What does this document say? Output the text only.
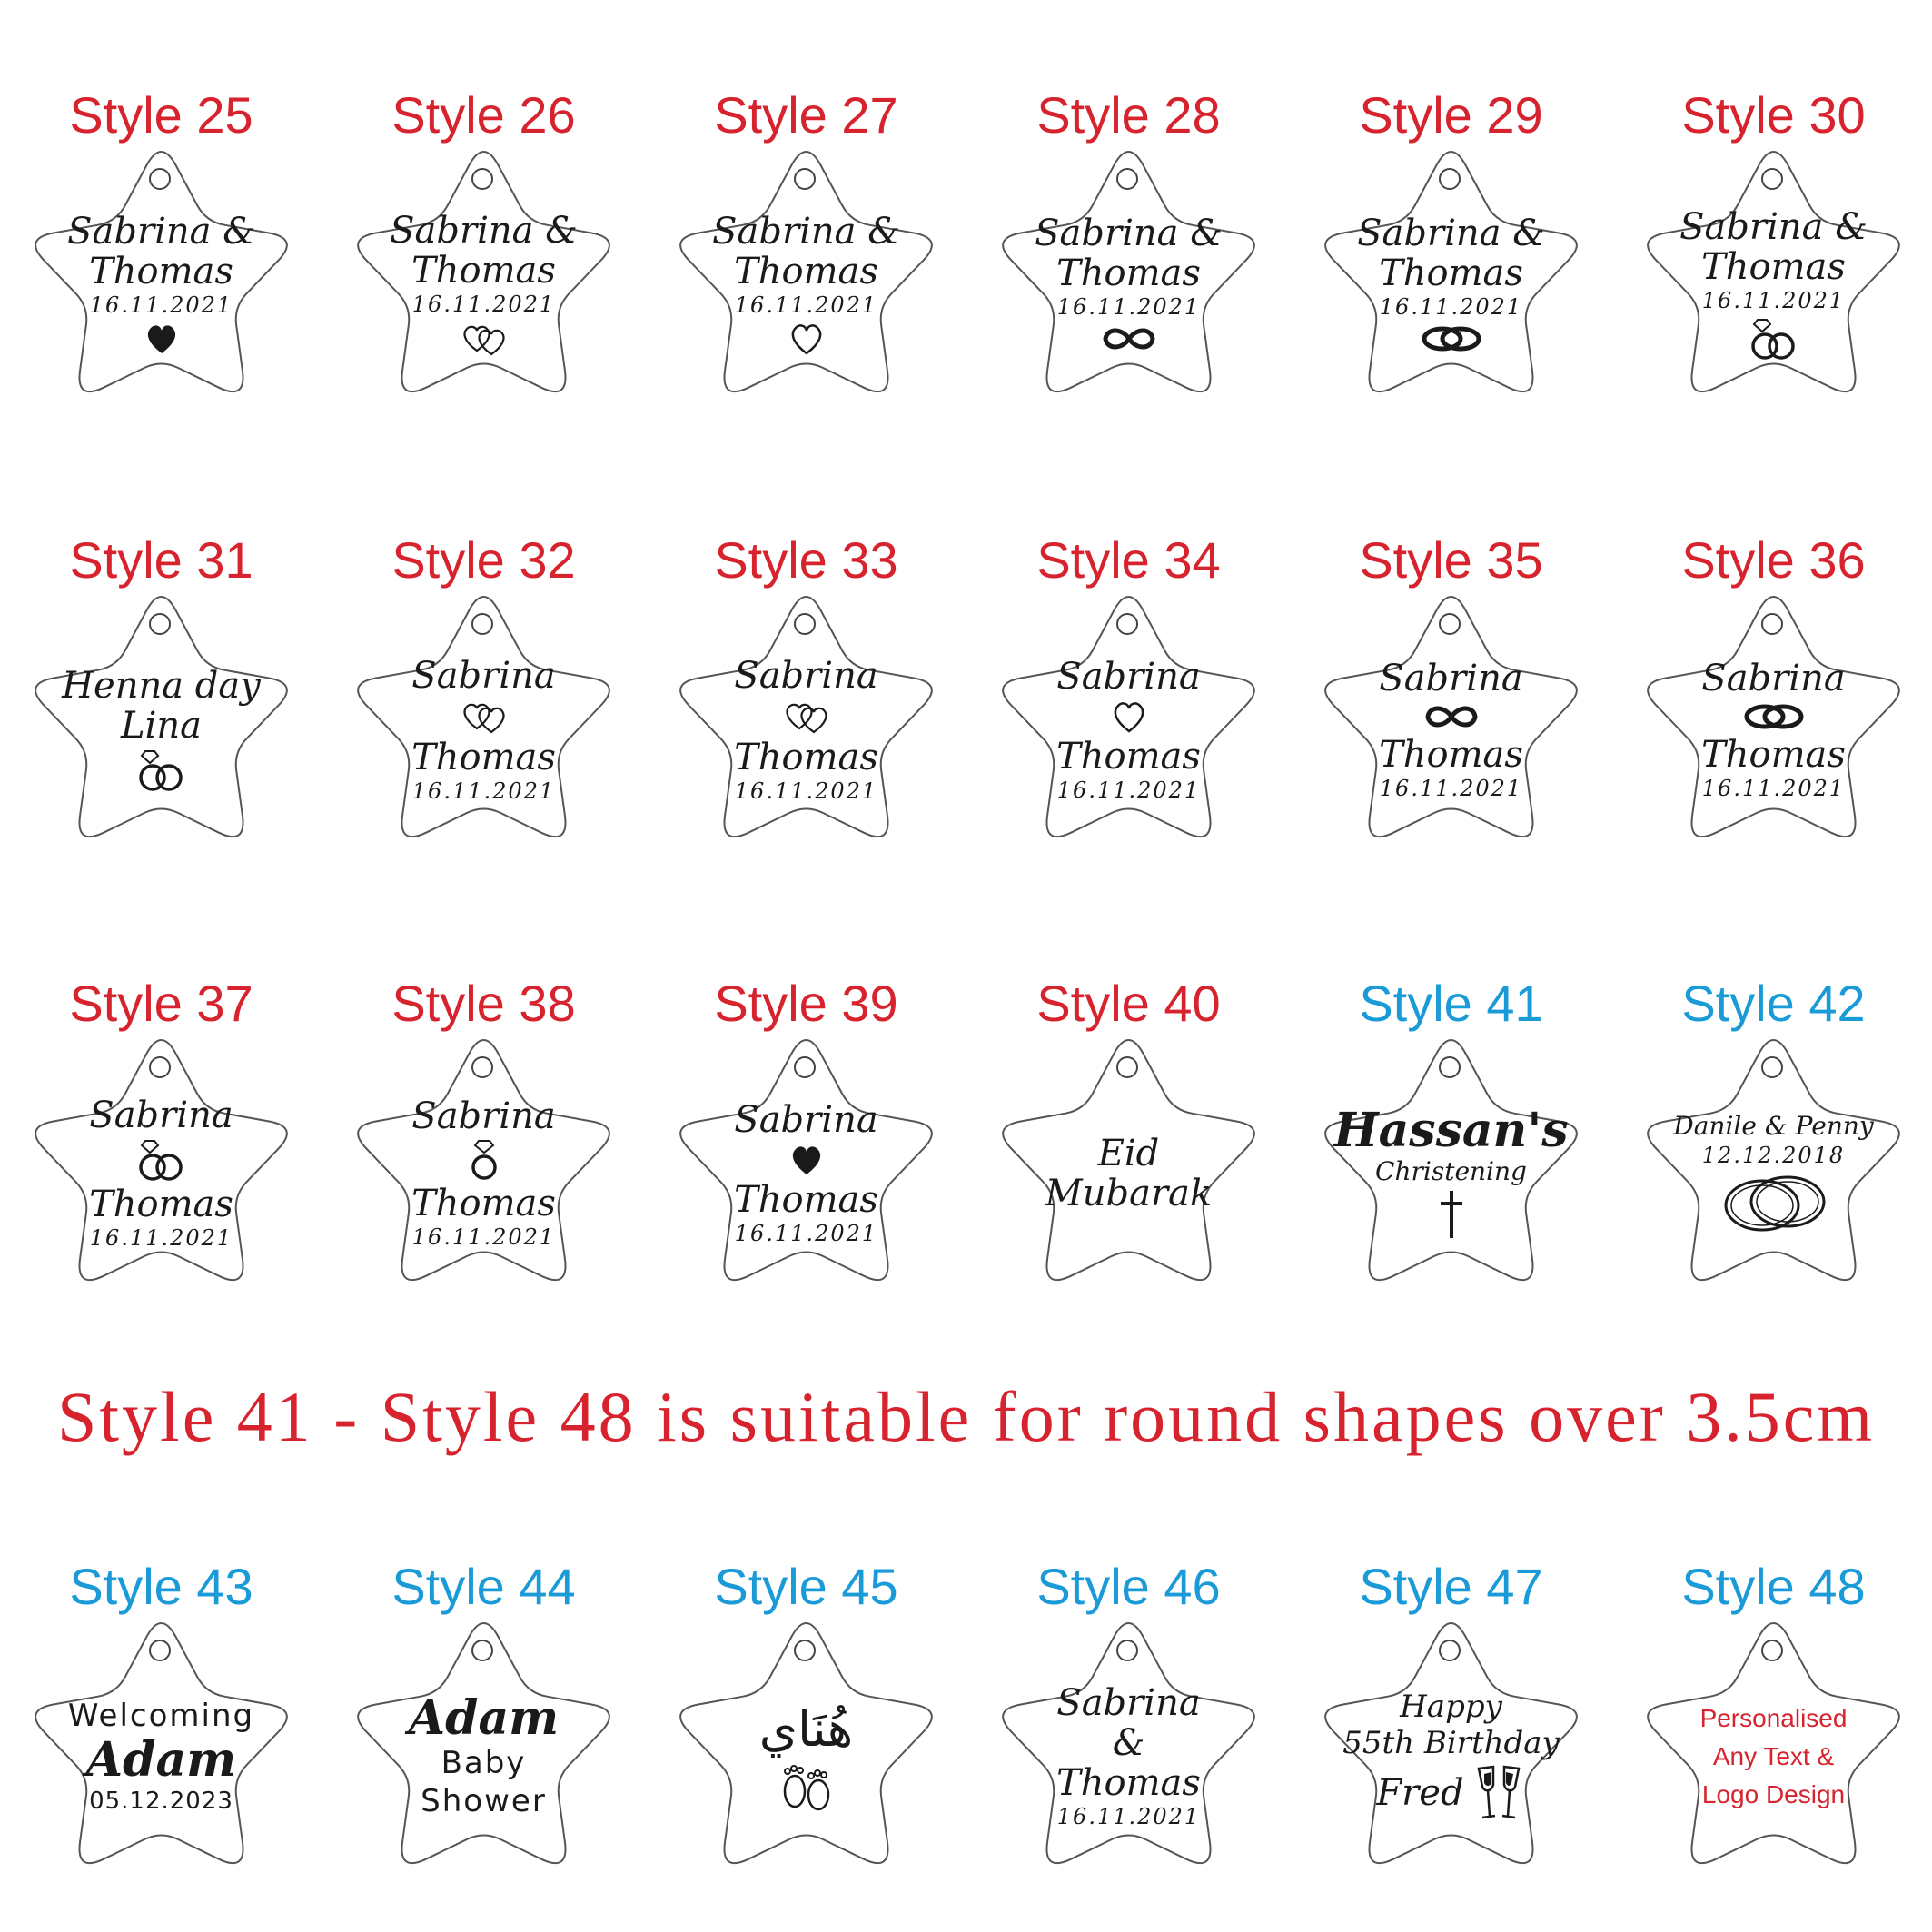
Style 25
Sabrina &
Thomas
16.11.2021
Style 26
Sabrina &
Thomas
16.11.2021
Style 27
Sabrina &
Thomas
16.11.2021
Style 28
Sabrina &
Thomas
16.11.2021
Style 29
Sabrina &
Thomas
16.11.2021
Style 30
Sabrina &
Thomas
16.11.2021
Style 31
Henna day
Lina
Style 32
Sabrina
Thomas
16.11.2021
Style 33
Sabrina
Thomas
16.11.2021
Style 34
Sabrina
Thomas
16.11.2021
Style 35
Sabrina
Thomas
16.11.2021
Style 36
Sabrina
Thomas
16.11.2021
Style 37
Sabrina
Thomas
16.11.2021
Style 38
Sabrina
Thomas
16.11.2021
Style 39
Sabrina
Thomas
16.11.2021
Style 40
Eid
Mubarak
Style 41
Hassan's
Christening
Style 42
Danile & Penny
12.12.2018
Style 43
Welcoming
Adam
05.12.2023
Style 44
Adam
Baby
Shower
Style 45
هُنَاي
Style 46
Sabrina
&
Thomas
16.11.2021
Style 47
Happy
55th Birthday
Fred
Style 48
Personalised
Any Text &
Logo Design
Style 41 - Style 48 is suitable for round shapes over 3.5cm
